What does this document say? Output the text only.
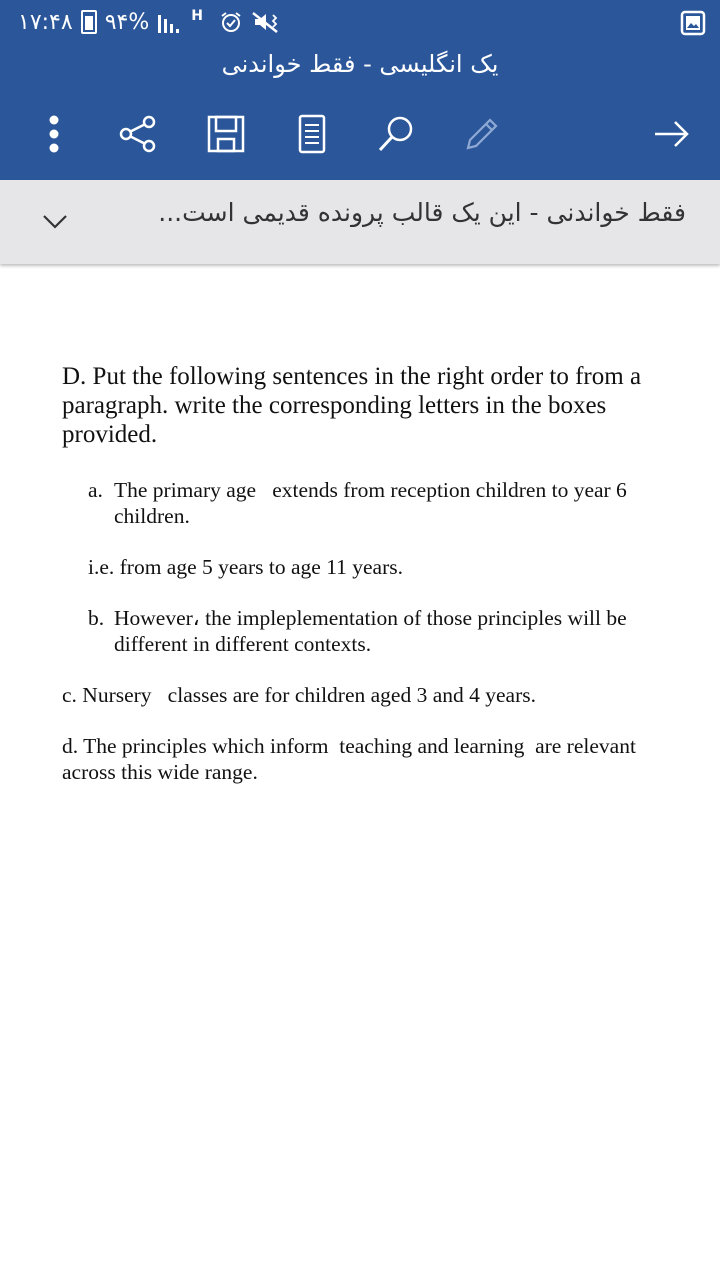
۱۷:۴۸ ۹۴%	H
یک انگلیسی - فقط خواندنی
فقط خواندنی - این یک قالب پرونده قدیمی است...
D. Put the following sentences in the right order to from a paragraph. write the corresponding letters in the boxes provided.
a. The primary age   extends from reception children to year 6 children.
i.e. from age 5 years to age 11 years.
b. However، the impleplementation of those principles will be different in different contexts.
c. Nursery   classes are for children aged 3 and 4 years.
d. The principles which inform  teaching and learning  are relevant across this wide range.
